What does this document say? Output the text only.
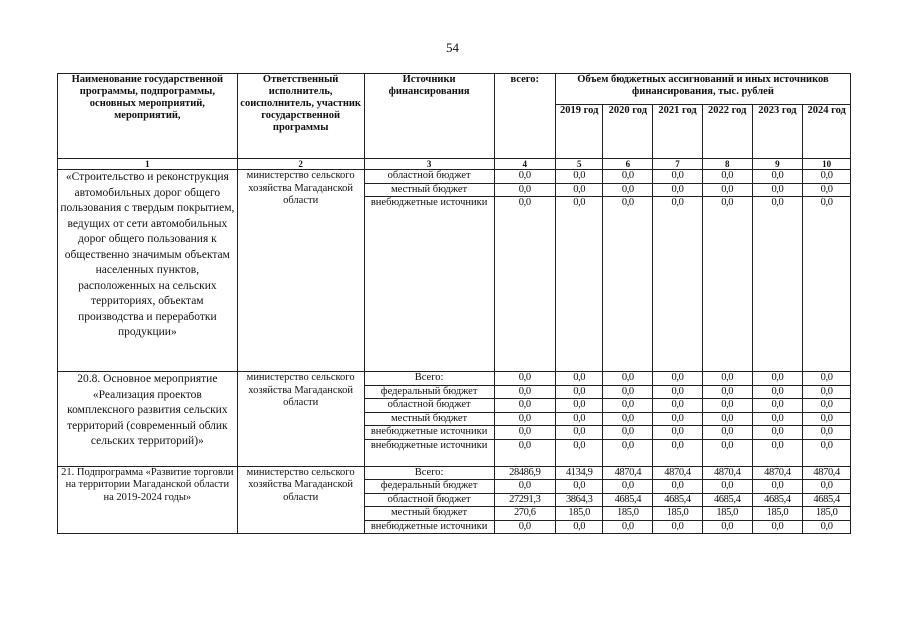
54
Наименование государственной программы, подпрограммы, основных мероприятий, мероприятий,	Ответственный исполнитель, соисполнитель, участник государственной программы	Источники финансирования	всего:	Объем бюджетных ассигнований и иных источников финансирования, тыс. рублей					
				2019 год	2020 год	2021 год	2022 год	2023 год	2024 год
1	2	3	4	5	6	7	8	9	10
«Строительство и реконструкция автомобильных дорог общего пользования с твердым покрытием, ведущих от сети автомобильных дорог общего пользования к общественно значимым объектам населенных пунктов, расположенных на сельских территориях, объектам производства и переработки продукции»	министерство сельского хозяйства Магаданской области	областной бюджет	0,0	0,0	0,0	0,0	0,0	0,0	0,0
		местный бюджет	0,0	0,0	0,0	0,0	0,0	0,0	0,0
		внебюджетные источники	0,0	0,0	0,0	0,0	0,0	0,0	0,0
20.8. Основное мероприятие «Реализация проектов комплексного развития сельских территорий (современный облик сельских территорий)»	министерство сельского хозяйства Магаданской области	Всего:	0,0	0,0	0,0	0,0	0,0	0,0	0,0
		федеральный бюджет	0,0	0,0	0,0	0,0	0,0	0,0	0,0
		областной бюджет	0,0	0,0	0,0	0,0	0,0	0,0	0,0
		местный бюджет	0,0	0,0	0,0	0,0	0,0	0,0	0,0
		внебюджетные источники	0,0	0,0	0,0	0,0	0,0	0,0	0,0
		внебюджетные источники	0,0	0,0	0,0	0,0	0,0	0,0	0,0
21. Подпрограмма «Развитие торговли на территории Магаданской области на 2019-2024 годы»	министерство сельского хозяйства Магаданской области	Всего:	28486,9	4134,9	4870,4	4870,4	4870,4	4870,4	4870,4
		федеральный бюджет	0,0	0,0	0,0	0,0	0,0	0,0	0,0
		областной бюджет	27291,3	3864,3	4685,4	4685,4	4685,4	4685,4	4685,4
		местный бюджет	270,6	185,0	185,0	185,0	185,0	185,0	185,0
		внебюджетные источники	0,0	0,0	0,0	0,0	0,0	0,0	0,0
